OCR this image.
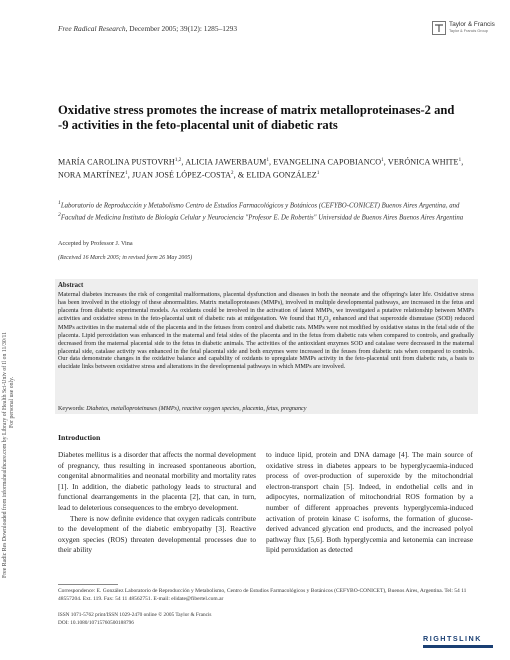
Free Radical Research, December 2005; 39(12): 1285–1293	Taylor & Francis
Taylor & Francis Group
Free Radic Res Downloaded from informahealthcare.com by Library of Health Sci-Univ of Il on 11/30/11 For personal use only.
Oxidative stress promotes the increase of matrix metalloproteinases-2 and -9 activities in the feto-placental unit of diabetic rats
MARÍA CAROLINA PUSTOVRH$^{1,2}$, ALICIA JAWERBAUM$^1$, EVANGELINA CAPOBIANCO$^1$, VERÓNICA WHITE$^1$, NORA MARTÍNEZ$^1$, JUAN JOSÉ LÓPEZ-COSTA$^2$, & ELIDA GONZÁLEZ$^1$
$^1$Laboratorio de Reproducción y Metabolismo Centro de Estudios Farmacológicos y Botánicos (CEFYBO-CONICET) Buenos Aires Argentina, and $^2$Facultad de Medicina Instituto de Biología Celular y Neurociencia "Profesor E. De Robertis" Universidad de Buenos Aires Buenos Aires Argentina
Accepted by Professor J. Vina
(Received 16 March 2005; in revised form 26 May 2005)
Abstract
Maternal diabetes increases the risk of congenital malformations, placental dysfunction and diseases in both the neonate and the offspring's later life. Oxidative stress has been involved in the etiology of these abnormalities. Matrix metalloproteases (MMPs), involved in multiple developmental pathways, are increased in the fetus and placenta from diabetic experimental models. As oxidants could be involved in the activation of latent MMPs, we investigated a putative relationship between MMPs activities and oxidative stress in the feto-placental unit of diabetic rats at midgestation. We found that $H_2O_2$ enhanced and that superoxide dismutase (SOD) reduced MMPs activities in the maternal side of the placenta and in the fetuses from control and diabetic rats. MMPs were not modified by oxidative status in the fetal side of the placenta. Lipid peroxidation was enhanced in the maternal and fetal sides of the placenta and in the fetus from diabetic rats when compared to controls, and gradually decreased from the maternal placental side to the fetus in diabetic animals. The activities of the antioxidant enzymes SOD and catalase were decreased in the maternal placental side, catalase activity was enhanced in the fetal placental side and both enzymes were increased in the feuses from diabetic rats when compared to controls. Our data demonstrate changes in the oxidative balance and capability of oxidants to upregulate MMPs activity in the feto-placental unit from diabetic rats, a basis to elucidate links between oxidative stress and alterations in the developmental pathways in which MMPs are involved.
Keywords: Diabetes, metalloproteinases (MMPs), reactive oxygen species, placenta, fetus, pregnancy
Introduction

Diabetes mellitus is a disorder that affects the normal development of pregnancy, thus resulting in increased spontaneous abortion, congenital abnormalities and neonatal morbility and mortality rates [1]. In addition, the diabetic pathology leads to structural and functional dearrangements in the placenta [2], that can, in turn, lead to deleterious consequences to the embryo development.

There is now definite evidence that oxygen radicals contribute to the development of the diabetic embryopathy [3]. Reactive oxygen species (ROS) threaten developmental processes due to their ability

to induce lipid, protein and DNA damage [4]. The main source of oxidative stress in diabetes appears to be hyperglycaemia-induced process of over-production of superoxide by the mitochondrial electron-transport chain [5]. Indeed, in endothelial cells and in adipocytes, normalization of mitochondrial ROS formation by a number of different approaches prevents hyperglycemia-induced activation of protein kinase C isoforms, the formation of glucose-derived advanced glycation end products, and the increased polyol pathway flux [5,6]. Both hyperglycemia and ketonemia can increase lipid peroxidation as detected

Correspondence: E. González Laboratorio de Reproducción y Metabolismo, Centro de Estudios Farmacológicos y Botánicos (CEFYBO-CONICET), Buenos Aires, Argentina. Tel: 54 11 48557204. Ext. 119. Fax: 54 11 48562751. E-mail: elidate@fibertel.com.ar
ISSN 1071-5762 print/ISSN 1029-2470 online © 2005 Taylor & Francis
DOI: 10.1080/10715760500188796
RIGHTSLINK
